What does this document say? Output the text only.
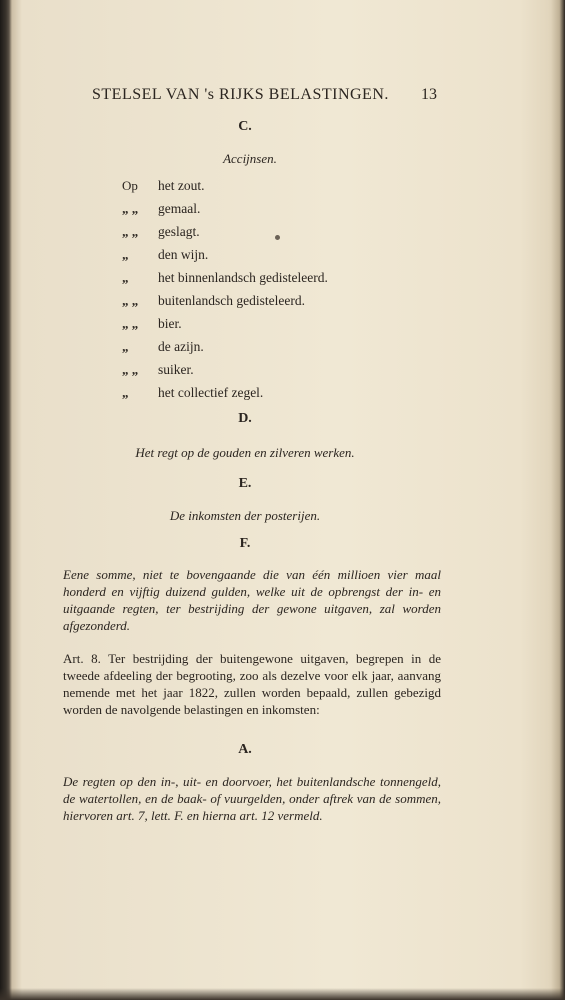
STELSEL VAN 's RIJKS BELASTINGEN. 13
C.
Accijnsen.
Op het zout.
„ „ gemaal.
„ „ geslagt.
„ den wijn.
„ het binnenlandsch gedisteleerd.
„ „ buitenlandsch gedisteleerd.
„ „ bier.
„ de azijn.
„ „ suiker.
„ het collectief zegel.
D.
Het regt op de gouden en zilveren werken.
E.
De inkomsten der posterijen.
F.
Eene somme, niet te bovengaande die van één millioen vier maal honderd en vijftig duizend gulden, welke uit de opbrengst der in- en uitgaande regten, ter bestrijding der gewone uitgaven, zal worden afgezonderd.
Art. 8. Ter bestrijding der buitengewone uitgaven, begrepen in de tweede afdeeling der begrooting, zoo als dezelve voor elk jaar, aanvang nemende met het jaar 1822, zullen worden bepaald, zullen gebezigd worden de navolgende belastingen en inkomsten:
A.
De regten op den in-, uit- en doorvoer, het buitenlandsche tonnengeld, de watertollen, en de baak- of vuurgelden, onder aftrek van de sommen, hiervoren art. 7, lett. F. en hierna art. 12 vermeld.
